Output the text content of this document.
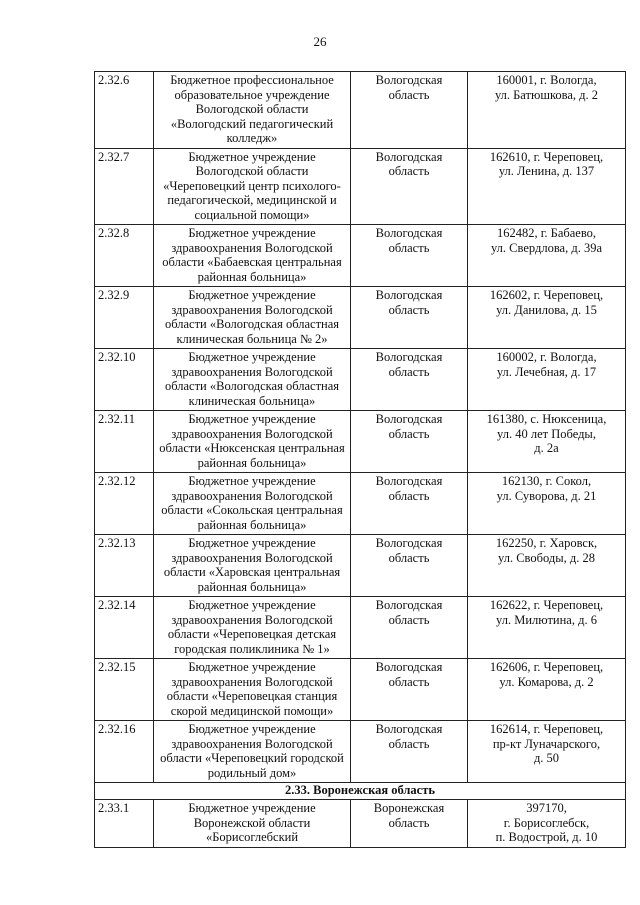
26
2.32.6	Бюджетное профессиональное
образовательное учреждение
Вологодской области
«Вологодский педагогический
колледж»	Вологодская
область	160001, г. Вологда,
ул. Батюшкова, д. 2

2.32.7	Бюджетное учреждение
Вологодской области
«Череповецкий центр психолого-
педагогической, медицинской и
социальной помощи»	Вологодская
область	162610, г. Череповец,
ул. Ленина, д. 137

2.32.8	Бюджетное учреждение
здравоохранения Вологодской
области «Бабаевская центральная
районная больница»	Вологодская
область	162482, г. Бабаево,
ул. Свердлова, д. 39а

2.32.9	Бюджетное учреждение
здравоохранения Вологодской
области «Вологодская областная
клиническая больница № 2»	Вологодская
область	162602, г. Череповец,
ул. Данилова, д. 15

2.32.10	Бюджетное учреждение
здравоохранения Вологодской
области «Вологодская областная
клиническая больница»	Вологодская
область	160002, г. Вологда,
ул. Лечебная, д. 17

2.32.11	Бюджетное учреждение
здравоохранения Вологодской
области «Нюксенская центральная
районная больница»	Вологодская
область	161380, с. Нюксеница,
ул. 40 лет Победы,
д. 2а

2.32.12	Бюджетное учреждение
здравоохранения Вологодской
области «Сокольская центральная
районная больница»	Вологодская
область	162130, г. Сокол,
ул. Суворова, д. 21

2.32.13	Бюджетное учреждение
здравоохранения Вологодской
области «Харовская центральная
районная больница»	Вологодская
область	162250, г. Харовск,
ул. Свободы, д. 28

2.32.14	Бюджетное учреждение
здравоохранения Вологодской
области «Череповецкая детская
городская поликлиника № 1»	Вологодская
область	162622, г. Череповец,
ул. Милютина, д. 6

2.32.15	Бюджетное учреждение
здравоохранения Вологодской
области «Череповецкая станция
скорой медицинской помощи»	Вологодская
область	162606, г. Череповец,
ул. Комарова, д. 2

2.32.16	Бюджетное учреждение
здравоохранения Вологодской
области «Череповецкий городской
родильный дом»	Вологодская
область	162614, г. Череповец,
пр-кт Луначарского,
д. 50

2.33. Воронежская область			
2.33.1	Бюджетное учреждение
Воронежской области
«Борисоглебский	Воронежская
область	397170,
г. Борисоглебск,
п. Водострой, д. 10
